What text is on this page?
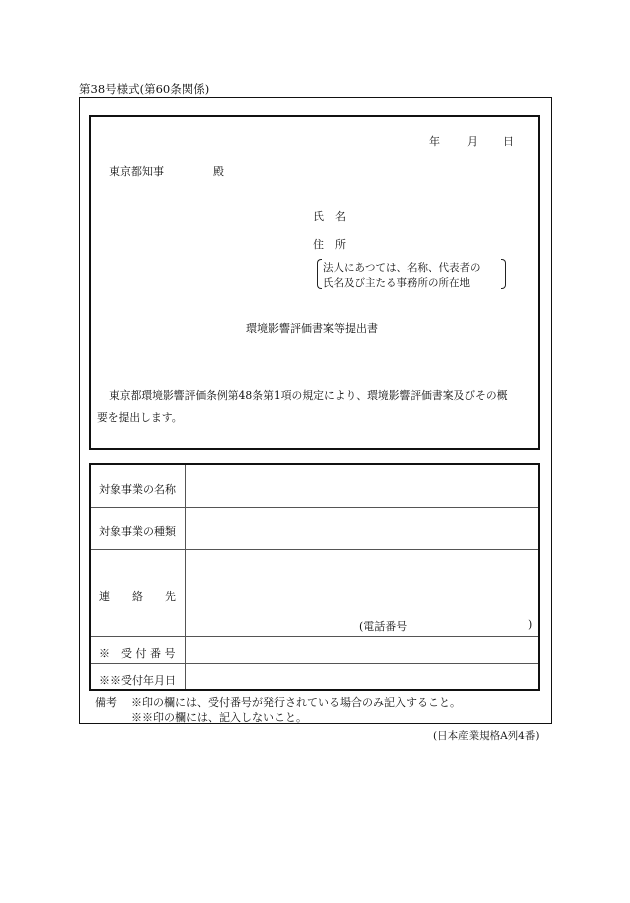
第38号様式(第60条関係)
年 月 日
東京都知事	殿
氏　名
住　所
法人にあつては、名称、代表者の
氏名及び主たる事務所の所在地
環境影響評価書案等提出書
東京都環境影響評価条例第48条第1項の規定により、環境影響評価書案及びその概
要を提出します。
対象事業の名称
対象事業の種類
連　　絡　　先
(電話番号	)
※　受 付 番 号
※※受付年月日
備考 ※印の欄には、受付番号が発行されている場合のみ記入すること。
※※印の欄には、記入しないこと。
(日本産業規格A列4番)
